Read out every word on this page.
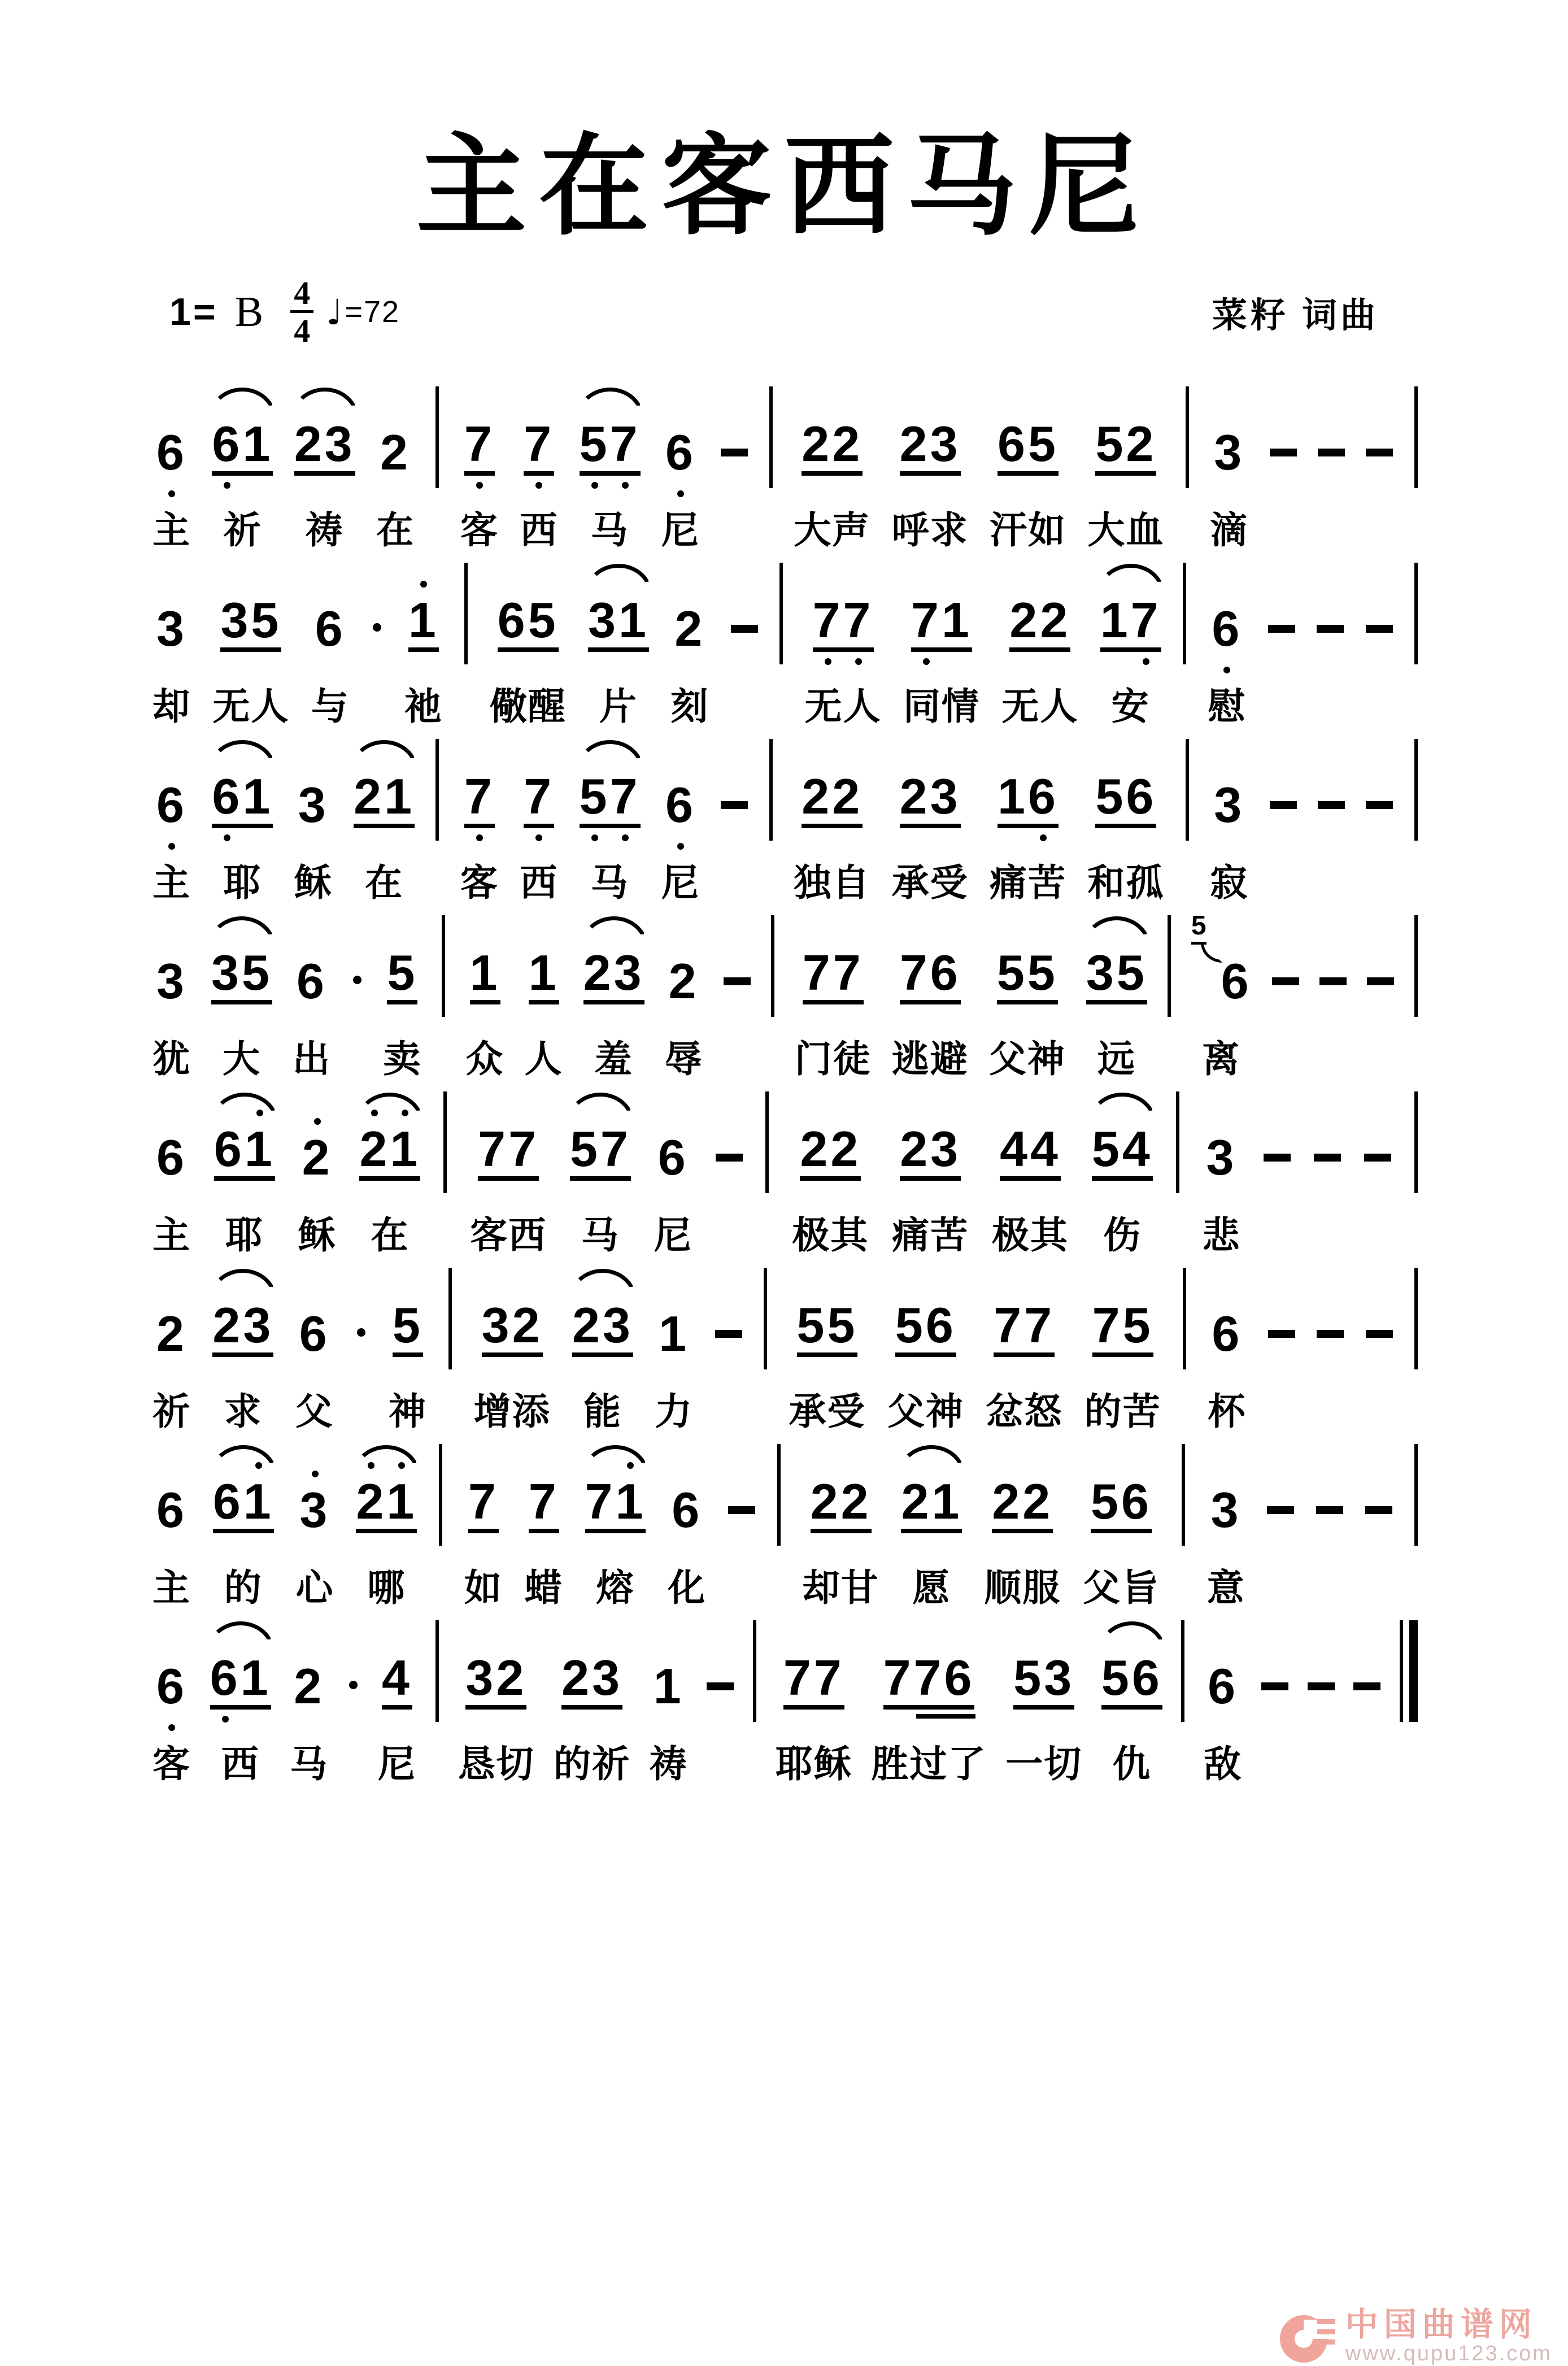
主在客西马尼
1= B $\frac{4}{4}$ ♩ =72	菜籽 词曲
6
主
61
祈
23
祷
2
在
7
客
7
西
57
马
6
尼

22
大声
23
呼求
65
汗如
52
大血
3
滴

3
却
35
无人
6
与

1
祂
65
儆醒
31
片
2
刻

77
无人
71
同情
22
无人
17
安
6
慰

6
主
61
耶
3
稣
21
在
7
客
7
西
57
马
6
尼

22
独自
23
承受
16
痛苦
56
和孤
3
寂

3
犹
35
大
6
出

5
卖
1
众
1
人
23
羞
2
辱

77
门徒
76
逃避
55
父神
35
远
5
6
离

6
主
61
耶
2
稣
21
在
77
客西
57
马
6
尼

22
极其
23
痛苦
44
极其
54
伤
3
悲

2
祈
23
求
6
父

5
神
32
增添
23
能
1
力

55
承受
56
父神
77
忿怒
75
的苦
6
杯

6
主
61
的
3
心
21
哪
7
如
7
蜡
71
熔
6
化

22
却甘
21
愿
22
顺服
56
父旨
3
意

6
客
61
西
2
马

4
尼
32
恳切
23
的祈
1
祷

77
耶稣
776
胜过了
53
一切
56
仇
6
敌

中国曲谱网
www.qupu123.com
